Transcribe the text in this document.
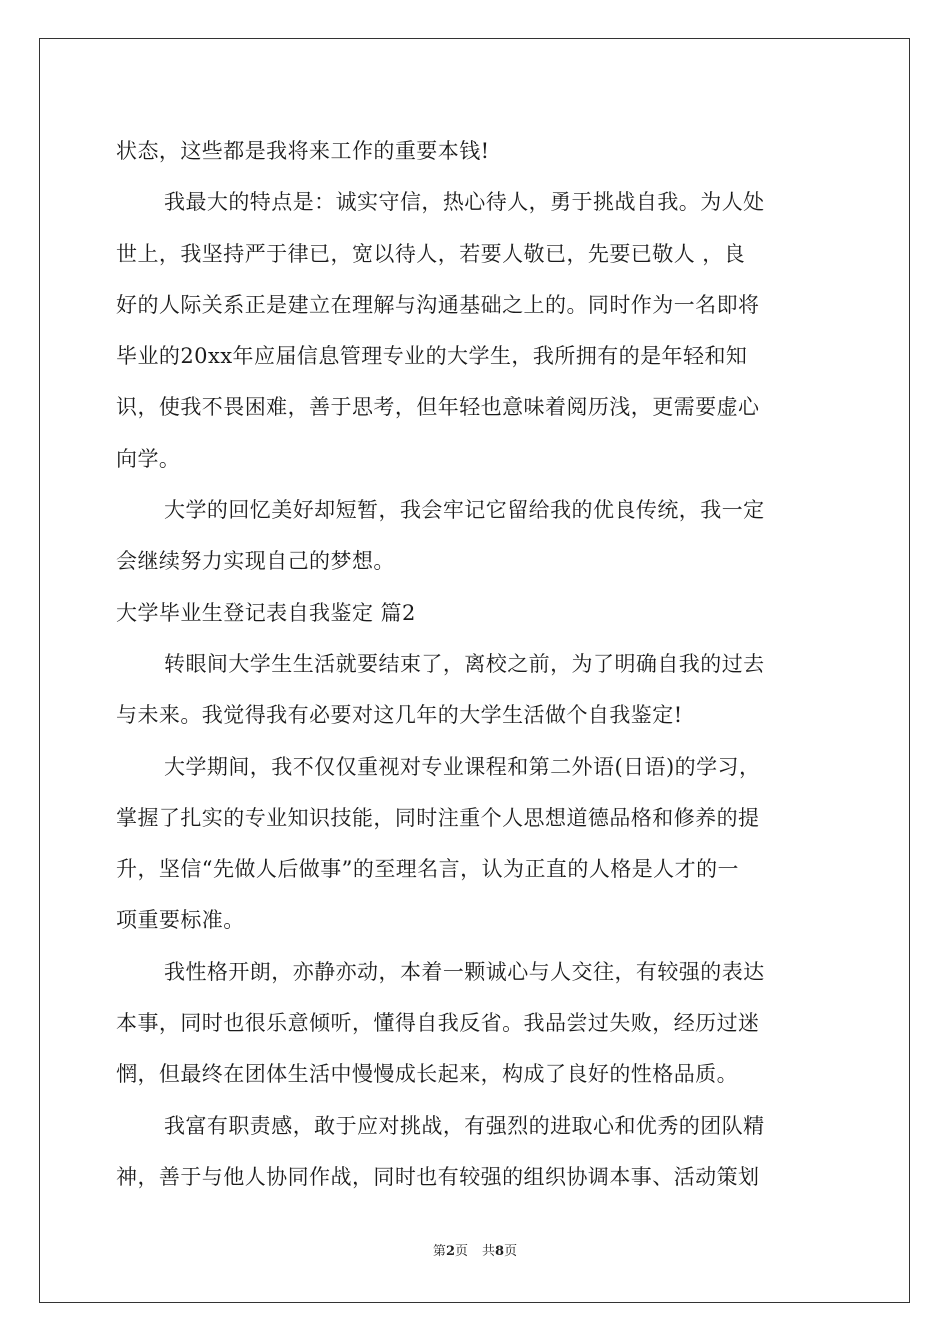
状态，这些都是我将来工作的重要本钱!
我最大的特点是：诚实守信，热心待人，勇于挑战自我。为人处
世上，我坚持严于律已，宽以待人，若要人敬已，先要已敬人 ，良
好的人际关系正是建立在理解与沟通基础之上的。同时作为一名即将
毕业的20xx年应届信息管理专业的大学生，我所拥有的是年轻和知
识，使我不畏困难，善于思考，但年轻也意味着阅历浅，更需要虚心
向学。
大学的回忆美好却短暂，我会牢记它留给我的优良传统，我一定
会继续努力实现自己的梦想。
大学毕业生登记表自我鉴定 篇2
转眼间大学生生活就要结束了，离校之前，为了明确自我的过去
与未来。我觉得我有必要对这几年的大学生活做个自我鉴定!
大学期间，我不仅仅重视对专业课程和第二外语(日语)的学习，
掌握了扎实的专业知识技能，同时注重个人思想道德品格和修养的提
升，坚信“先做人后做事”的至理名言，认为正直的人格是人才的一
项重要标准。
我性格开朗，亦静亦动，本着一颗诚心与人交往，有较强的表达
本事，同时也很乐意倾听，懂得自我反省。我品尝过失败，经历过迷
惘，但最终在团体生活中慢慢成长起来，构成了良好的性格品质。
我富有职责感，敢于应对挑战，有强烈的进取心和优秀的团队精
神，善于与他人协同作战，同时也有较强的组织协调本事、活动策划
第2页 共8页
